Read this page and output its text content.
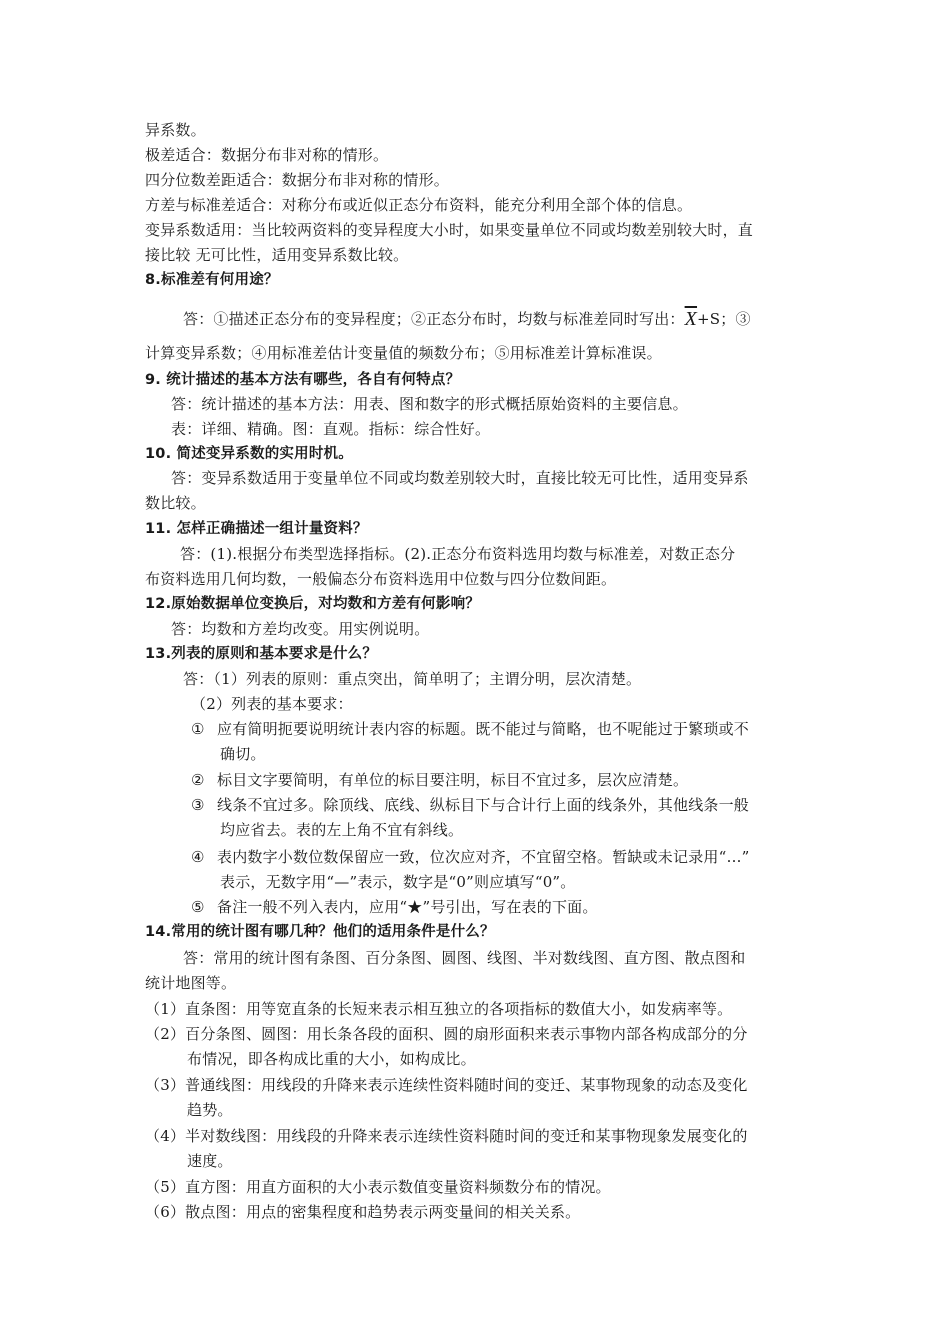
异系数。
极差适合：数据分布非对称的情形。
四分位数差距适合：数据分布非对称的情形。
方差与标准差适合：对称分布或近似正态分布资料，能充分利用全部个体的信息。
变异系数适用：当比较两资料的变异程度大小时，如果变量单位不同或均数差别较大时，直
接比较 无可比性，适用变异系数比较。
8.标准差有何用途？
答：①描述正态分布的变异程度；②正态分布时，均数与标准差同时写出：$\overline{X}+S$；③
计算变异系数；④用标准差估计变量值的频数分布；⑤用标准差计算标准误。
9. 统计描述的基本方法有哪些，各自有何特点？
答：统计描述的基本方法：用表、图和数字的形式概括原始资料的主要信息。
表：详细、精确。图：直观。指标：综合性好。
10. 简述变异系数的实用时机。
答：变异系数适用于变量单位不同或均数差别较大时，直接比较无可比性，适用变异系
数比较。
11. 怎样正确描述一组计量资料？
答：(1).根据分布类型选择指标。(2).正态分布资料选用均数与标准差，对数正态分
布资料选用几何均数，一般偏态分布资料选用中位数与四分位数间距。
12.原始数据单位变换后，对均数和方差有何影响？
答：均数和方差均改变。用实例说明。
13.列表的原则和基本要求是什么？
答：（1）列表的原则：重点突出，简单明了；主谓分明，层次清楚。
（2）列表的基本要求：
① 应有简明扼要说明统计表内容的标题。既不能过与简略，也不呢能过于繁琐或不
确切。
② 标目文字要简明，有单位的标目要注明，标目不宜过多，层次应清楚。
③ 线条不宜过多。除顶线、底线、纵标目下与合计行上面的线条外，其他线条一般
均应省去。表的左上角不宜有斜线。
④ 表内数字小数位数保留应一致，位次应对齐，不宜留空格。暂缺或未记录用“…”
表示，无数字用“—”表示，数字是“0”则应填写“0”。
⑤ 备注一般不列入表内，应用“★”号引出，写在表的下面。
14.常用的统计图有哪几种？他们的适用条件是什么？
答：常用的统计图有条图、百分条图、圆图、线图、半对数线图、直方图、散点图和
统计地图等。
（1）直条图：用等宽直条的长短来表示相互独立的各项指标的数值大小，如发病率等。
（2）百分条图、圆图：用长条各段的面积、圆的扇形面积来表示事物内部各构成部分的分
布情况，即各构成比重的大小，如构成比。
（3）普通线图：用线段的升降来表示连续性资料随时间的变迁、某事物现象的动态及变化
趋势。
（4）半对数线图：用线段的升降来表示连续性资料随时间的变迁和某事物现象发展变化的
速度。
（5）直方图：用直方面积的大小表示数值变量资料频数分布的情况。
（6）散点图：用点的密集程度和趋势表示两变量间的相关关系。
